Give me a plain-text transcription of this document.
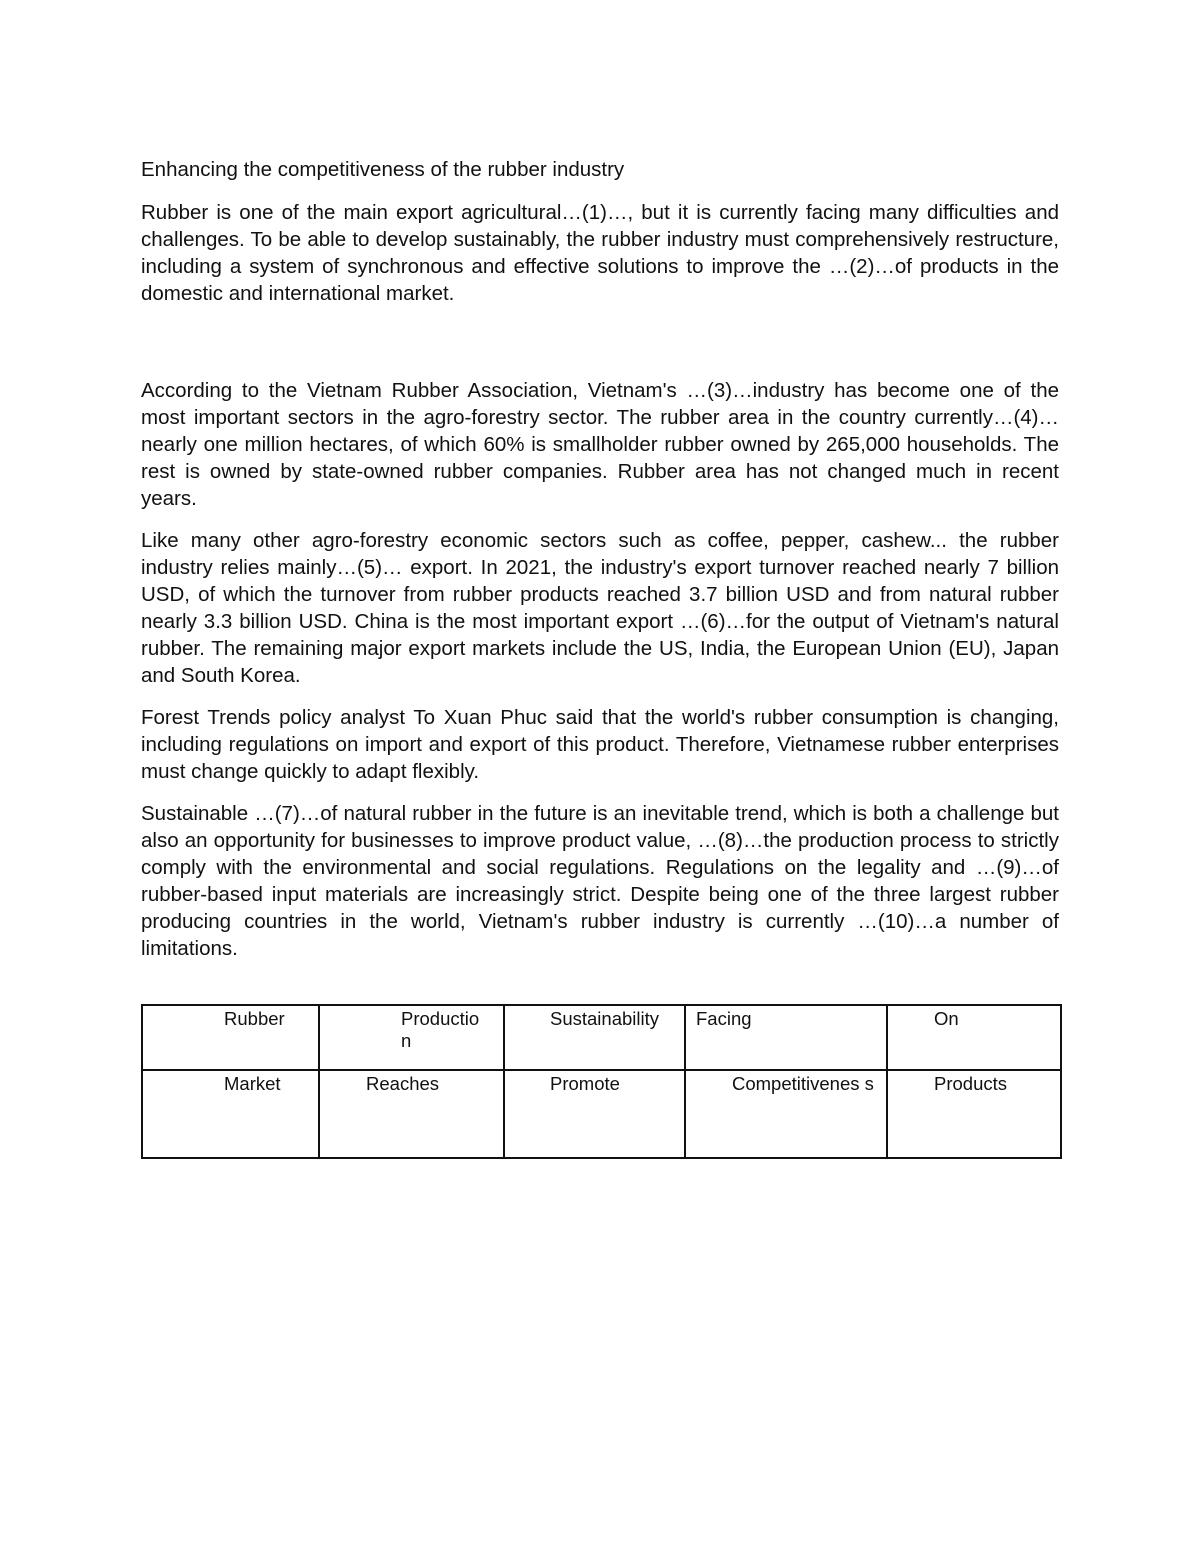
Enhancing the competitiveness of the rubber industry

Rubber is one of the main export agricultural…(1)…, but it is currently facing many difficulties and challenges. To be able to develop sustainably, the rubber industry must comprehensively restructure, including a system of synchronous and effective solutions to improve the …(2)…of products in the domestic and international market.

According to the Vietnam Rubber Association, Vietnam's …(3)…industry has become one of the most important sectors in the agro-forestry sector. The rubber area in the country currently…(4)… nearly one million hectares, of which 60% is smallholder rubber owned by 265,000 households. The rest is owned by state-owned rubber companies. Rubber area has not changed much in recent years.

Like many other agro-forestry economic sectors such as coffee, pepper, cashew... the rubber industry relies mainly…(5)… export. In 2021, the industry's export turnover reached nearly 7 billion USD, of which the turnover from rubber products reached 3.7 billion USD and from natural rubber nearly 3.3 billion USD. China is the most important export …(6)…for the output of Vietnam's natural rubber. The remaining major export markets include the US, India, the European Union (EU), Japan and South Korea.

Forest Trends policy analyst To Xuan Phuc said that the world's rubber consumption is changing, including regulations on import and export of this product. Therefore, Vietnamese rubber enterprises must change quickly to adapt flexibly.

Sustainable …(7)…of natural rubber in the future is an inevitable trend, which is both a challenge but also an opportunity for businesses to improve product value, …(8)…the production process to strictly comply with the environmental and social regulations. Regulations on the legality and …(9)…of rubber-based input materials are increasingly strict. Despite being one of the three largest rubber producing countries in the world, Vietnam's rubber industry is currently …(10)…a number of limitations.

Rubber	Productio n	Sustainability	Facing	On

Market	Reaches	Promote	Competitivenes s	Products
